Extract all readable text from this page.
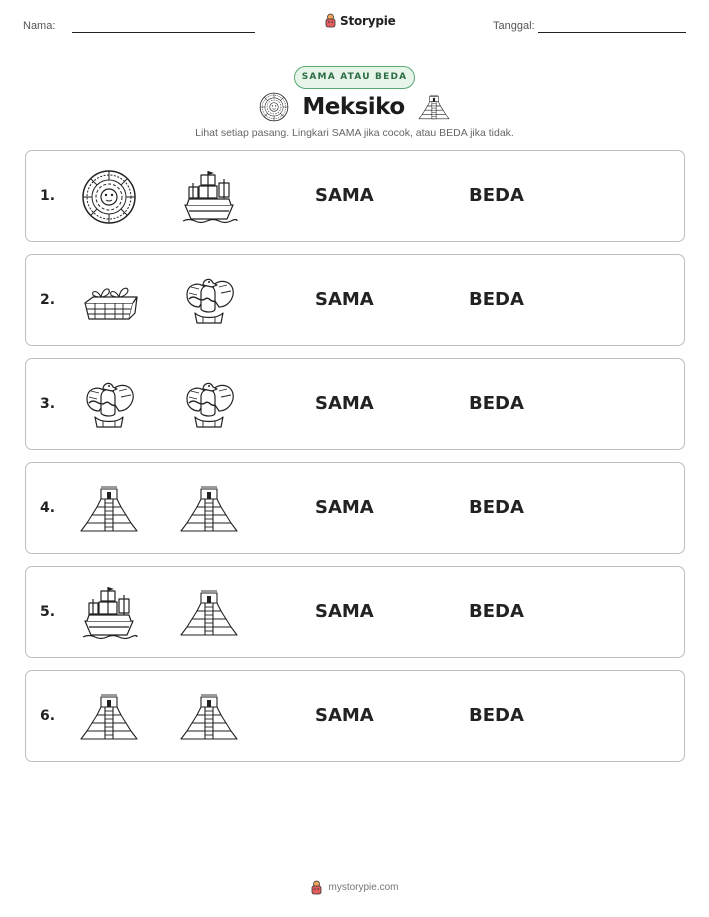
Nama:	Storypie	Tanggal:
SAMA ATAU BEDA
Meksiko
Lihat setiap pasang. Lingkari SAMA jika cocok, atau BEDA jika tidak.
1.	SAMA	BEDA
2.	SAMA	BEDA
3.	SAMA	BEDA
4.	SAMA	BEDA
5.	SAMA	BEDA
6.	SAMA	BEDA
mystorypie.com
